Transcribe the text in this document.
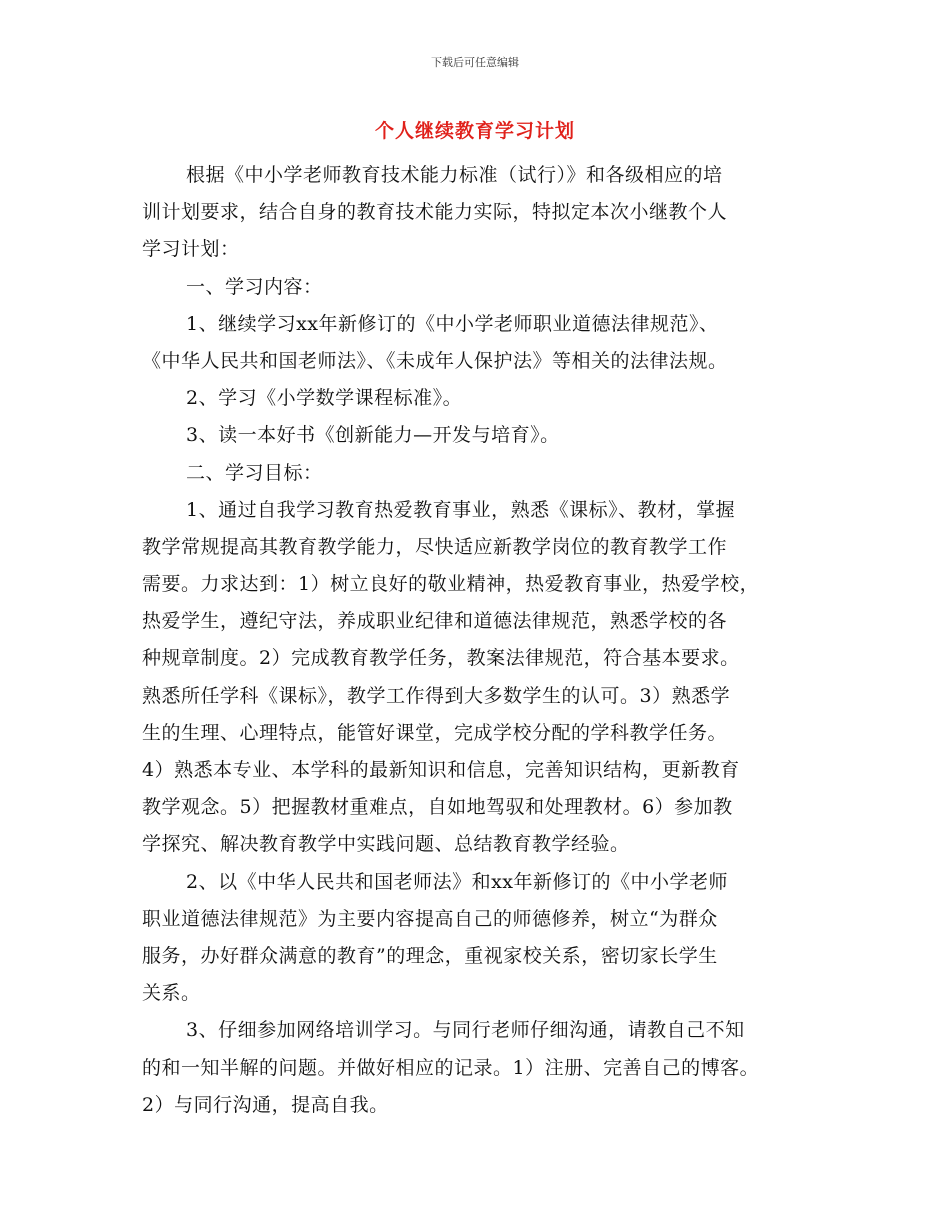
下载后可任意编辑
个人继续教育学习计划
根据《中小学老师教育技术能力标准（试行）》和各级相应的培
训计划要求，结合自身的教育技术能力实际，特拟定本次小继教个人
学习计划：
一、学习内容：
1、继续学习xx年新修订的《中小学老师职业道德法律规范》、
《中华人民共和国老师法》、《未成年人保护法》等相关的法律法规。
2、学习《小学数学课程标准》。
3、读一本好书《创新能力—开发与培育》。
二、学习目标：
1、通过自我学习教育热爱教育事业，熟悉《课标》、教材，掌握
教学常规提高其教育教学能力，尽快适应新教学岗位的教育教学工作
需要。力求达到：1）树立良好的敬业精神，热爱教育事业，热爱学校，
热爱学生，遵纪守法，养成职业纪律和道德法律规范，熟悉学校的各
种规章制度。2）完成教育教学任务，教案法律规范，符合基本要求。
熟悉所任学科《课标》，教学工作得到大多数学生的认可。3）熟悉学
生的生理、心理特点，能管好课堂，完成学校分配的学科教学任务。
4）熟悉本专业、本学科的最新知识和信息，完善知识结构，更新教育
教学观念。5）把握教材重难点，自如地驾驭和处理教材。6）参加教
学探究、解决教育教学中实践问题、总结教育教学经验。
2、以《中华人民共和国老师法》和xx年新修订的《中小学老师
职业道德法律规范》为主要内容提高自己的师德修养，树立“为群众
服务，办好群众满意的教育”的理念，重视家校关系，密切家长学生
关系。
3、仔细参加网络培训学习。与同行老师仔细沟通，请教自己不知
的和一知半解的问题。并做好相应的记录。1）注册、完善自己的博客。
2）与同行沟通，提高自我。
